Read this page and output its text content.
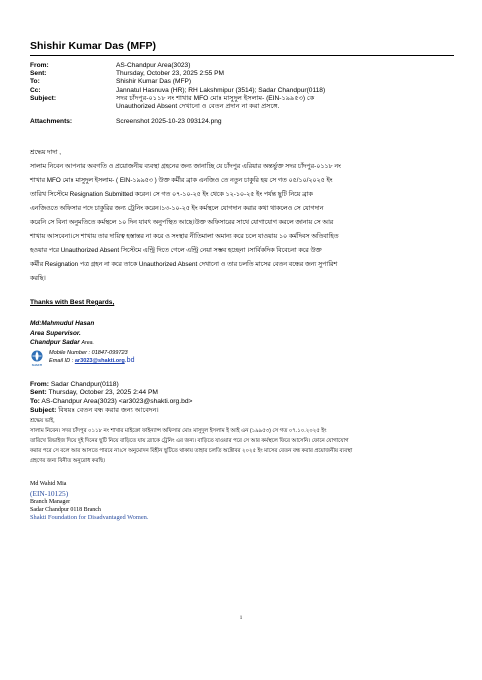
Shishir Kumar Das (MFP)
From:	AS-Chandpur Area(3023)
Sent:	Thursday, October 23, 2025 2:55 PM
To:	Shishir Kumar Das (MFP)
Cc:	Jannatul Hasnuva (HR); RH Lakshmipur (3514); Sadar Chandpur(0118)
Subject:	সদর চাঁদপুর-০১১৮ নং শাখার MFO মোঃ মাসুদুল ইসলাম- (EIN-১৯৯৫৩) কে
Unauthorized Absent দেখানো ও বেতন প্রদান না করা প্রসঙ্গে.
Attachments:	Screenshot 2025-10-23 093124.png

শ্রদ্ধেয় দাদা ,

সালাম নিবেন আপনার অবগতি ও প্রয়োজনীয় ব্যবস্থা গ্রহনের জন্য জানাচ্ছি যে চাঁদপুর এরিয়ার অন্তর্ভুক্ত সদর চাঁদপুর-০১১৮ নং

শাখার MFO মোঃ মাসুদুল ইসলাম- ( EIN-১৯৯৫৩ ) উক্ত কর্মীর ব্রাক এনজিও তে নতুন চাকুরি হয় সে গত ০৫/১০/২০২৫ ইং

তারিখ সিস্টেমে Resignation Submitted করেন। সে গত ০৭-১০-২৫ ইং থেকে ১২-১০-২৫ ইং পর্যন্ত ছুটি নিয়ে ব্রাক

এনজিওতে অফিসার পদে চাকুরির জন্য ট্রেনিং করেন।১৩-১০-২৫ ইং কর্মস্থলে যোগদান করার কথা থাকলেও সে যোগদান

করেনি সে বিনা অনুমতিতে কর্মস্থলে ১০ দিন যাবৎ অনুপস্থিত আছে।উক্ত অফিসারের সাথে যোগাযোগ করলে জানায় সে আর

শাখায় আসবেনা।সে শাখায় তার দায়িত্ব হস্তান্তর না করে ও সংস্থার নীতিমালা অমান্য করে চলে যাওয়ায় ১০ কর্মদিবস অতিবাহিত

হওয়ার পরে Unauthorized Absent সিস্টেমে এন্ট্রি দিতে গেলে এন্ট্রি নেয়া সম্ভব হচ্ছেনা ।সার্বিকদিক বিবেচনা করে উক্ত

কর্মীর Resignation পত্র গ্রহন না করে তাকে Unauthorized Absent দেখানো ও তার চলতি মাসের বেতন বন্ধের জন্য সুপারিশ

করছি।

Thanks with Best Regards,
Md:Mahmudul Hasan
Area Supervisor.
Chandpur Sadar Area.
SHAKTI
Mobile Number : 01847-099723
Email ID : ar3023@shakti.org.bd
From: Sadar Chandpur(0118)
Sent: Thursday, October 23, 2025 2:44 PM
To: AS-Chandpur Area(3023) <ar3023@shakti.org.bd>
Subject: বিষয়ঃ বেতন বন্ধ করার জন্য আবেদন।
শ্রদ্ধেয় ভাই,
সালাম নিবেন। সদর চাঁদপুর ০১১৮ নং শাখার মাইক্রো ফাইন্যান্স অফিসার মোঃ মাসুদুল ইসলাম ই আই এন (১৯৯৫৩) সে গত ০৭.১০.২০২৫ ইং
তারিখে রিভাইজ দিয়ে দুই দিনের ছুটি নিয়ে বাড়িতে যায় ব্র্যাকে ট্রেনিং এর জন্য। বাড়িতে যাওয়ার পরে সে আর কর্মস্থলে ফিরে আসেনি। ফোনে যোগাযোগ
করার পরে সে বলে আর আসতে পারবে না।সে অনুমোদন বিহীন ছুটিতে থাকায় তাহার চলতি অক্টোবর ২০২৫ ইং মাসের বেতন বন্ধ করার প্রয়োজনীয় ব্যবস্থা
গ্রহণের জন্য বিনীত অনুরোধ করছি।
Md Wahid Mia
(EIN-10125)
Branch Manager
Sadar Chandpur 0118 Branch
Shakti Foundation for Disadvantaged Women.
1
